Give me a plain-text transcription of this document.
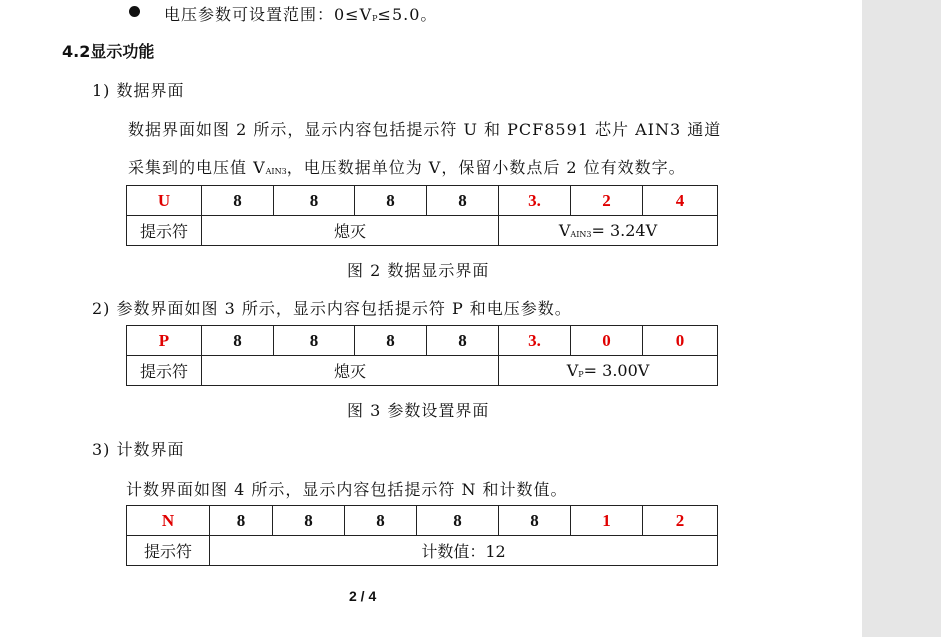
电压参数可设置范围：$0\le V_P\le 5.0$。
4.2显示功能
1) 数据界面
数据界面如图 2 所示，显示内容包括提示符 U 和 PCF8591 芯片 AIN3 通道
采集到的电压值 $V_{AIN3}$，电压数据单位为 V，保留小数点后 2 位有效数字。
U	8	8	8	8	3.	2	4
提示符	熄灭				$V_{AIN3}= 3.24V$		
图 2 数据显示界面
2) 参数界面如图 3 所示，显示内容包括提示符 P 和电压参数。
P	8	8	8	8	3.	0	0
提示符	熄灭				$V_P= 3.00V$		
图 3 参数设置界面
3) 计数界面
计数界面如图 4 所示，显示内容包括提示符 N 和计数值。
N	8	8	8	8	8	1	2
提示符	计数值：12						
2 / 4
